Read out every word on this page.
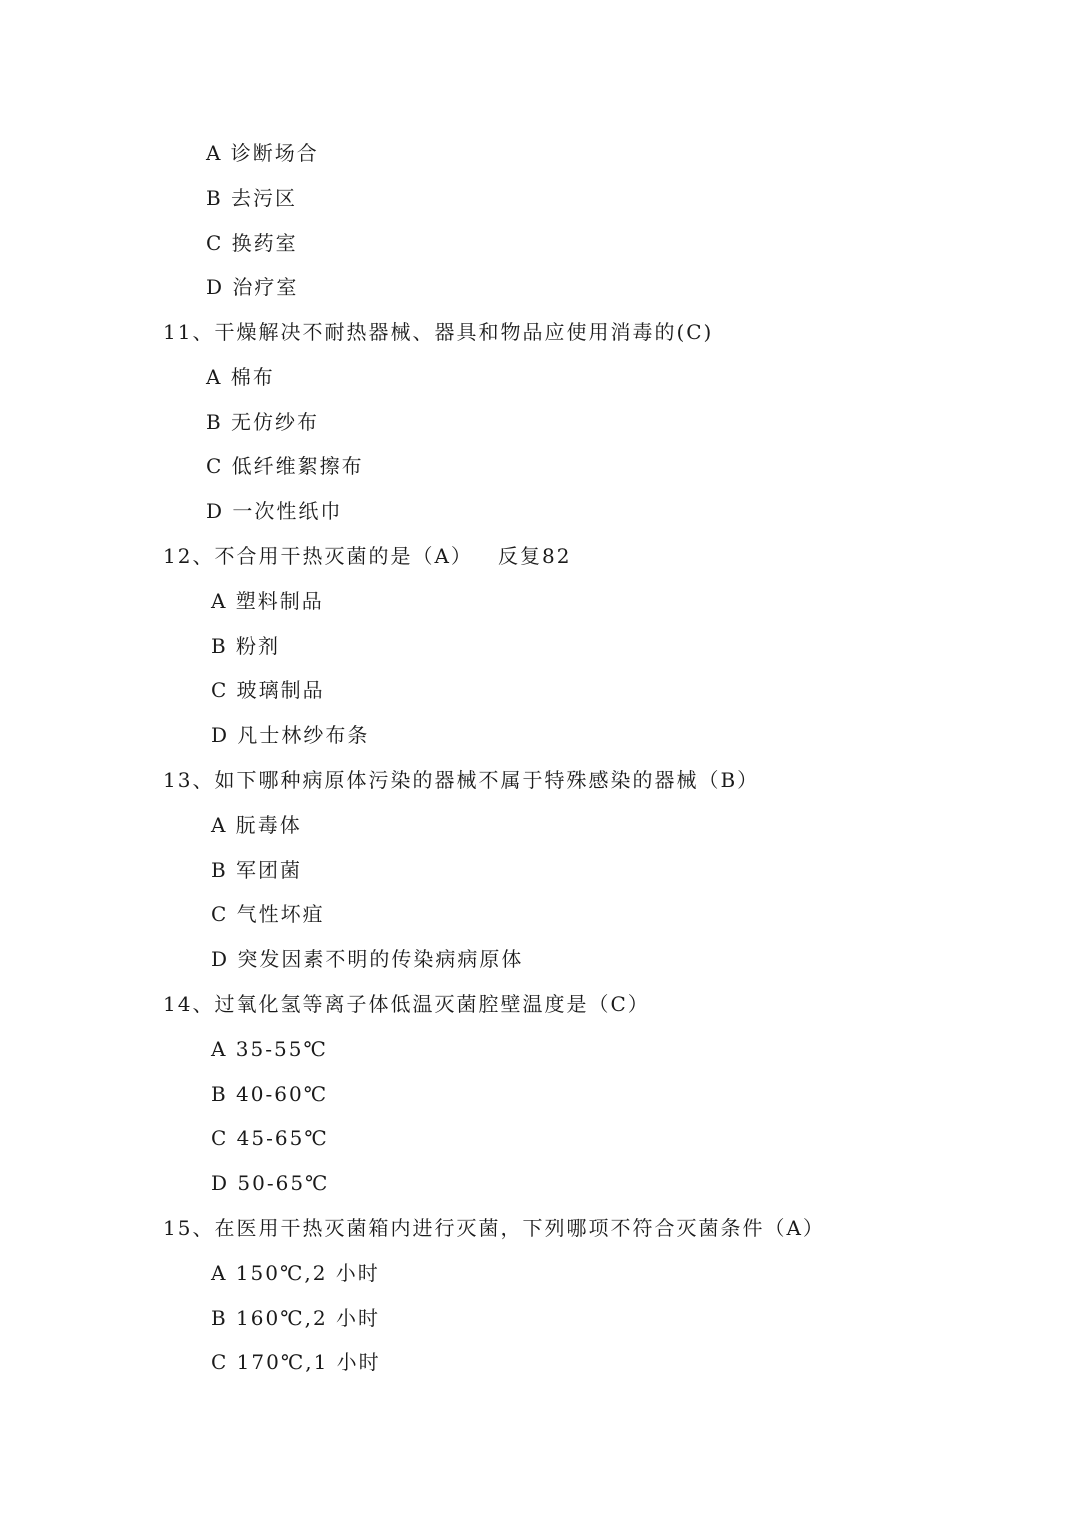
A 诊断场合
B 去污区
C 换药室
D 治疗室
11、干燥解决不耐热器械、器具和物品应使用消毒的(C)
A 棉布
B 无仿纱布
C 低纤维絮擦布
D 一次性纸巾
12、不合用干热灭菌的是（A）   反复82
A 塑料制品
B 粉剂
C 玻璃制品
D 凡士林纱布条
13、如下哪种病原体污染的器械不属于特殊感染的器械（B）
A 朊毒体
B 军团菌
C 气性坏疽
D 突发因素不明的传染病病原体
14、过氧化氢等离子体低温灭菌腔壁温度是（C）
A 35-55℃
B 40-60℃
C 45-65℃
D 50-65℃
15、在医用干热灭菌箱内进行灭菌，下列哪项不符合灭菌条件（A）
A 150℃,2 小时
B 160℃,2 小时
C 170℃,1 小时
